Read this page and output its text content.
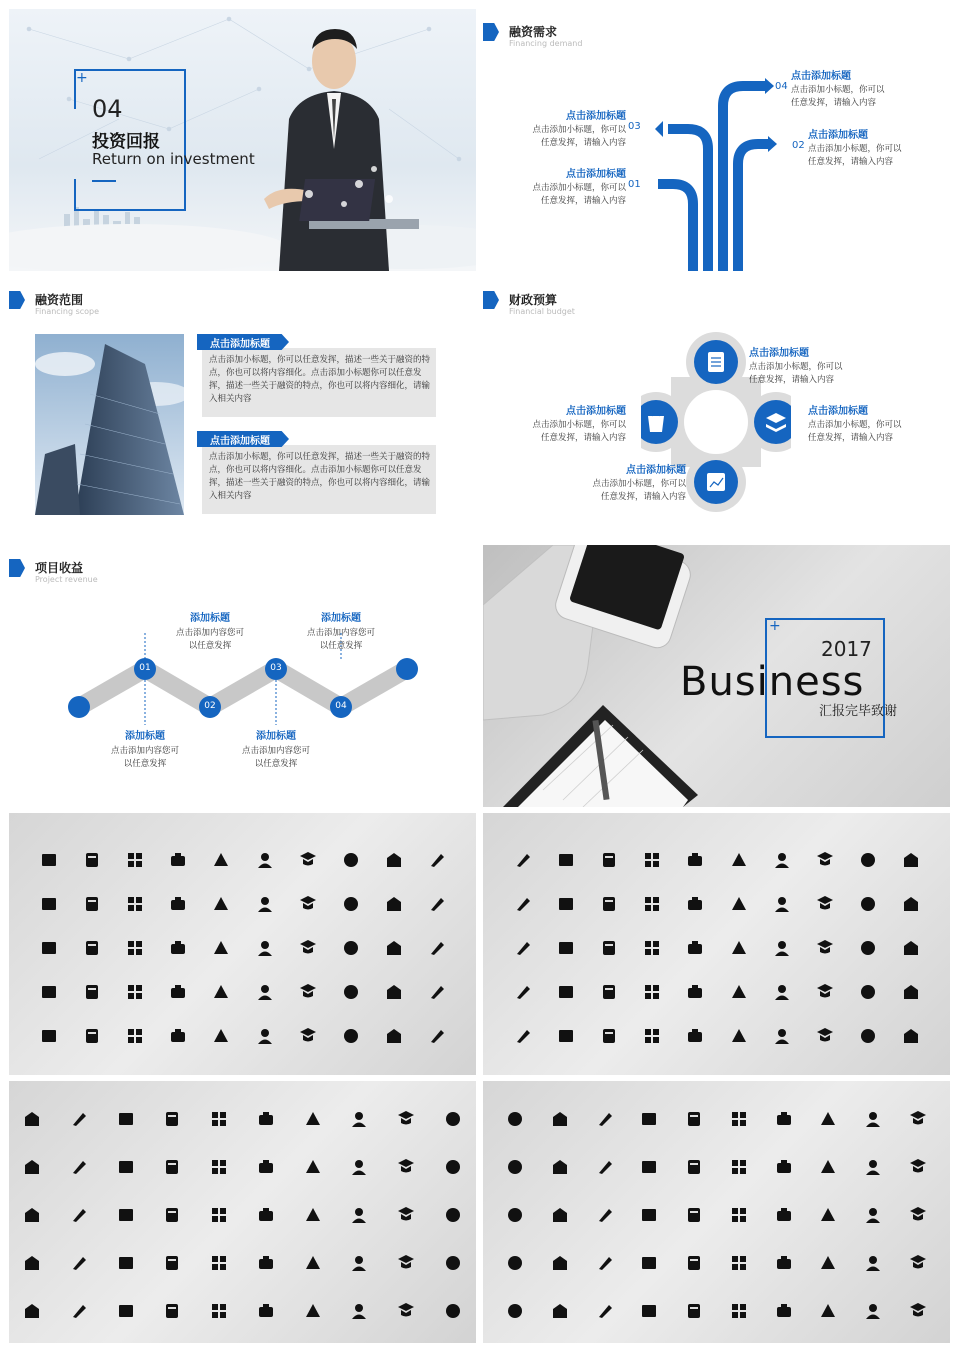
+
04
投资回报
Return on investment
融资需求
Financing demand
点击添加标题
点击添加小标题，你可以
任意发挥，请输入内容
04
点击添加标题
点击添加小标题，你可以
任意发挥，请输入内容
02
点击添加标题
点击添加小标题，你可以
任意发挥，请输入内容
03
点击添加标题
点击添加小标题，你可以
任意发挥，请输入内容
01
融资范围
Financing scope
点击添加标题
点击添加小标题，你可以任意发挥，描述一些关于融资的特点，你也可以将内容细化。点击添加小标题你可以任意发挥，描述一些关于融资的特点，你也可以将内容细化，请输入相关内容
点击添加标题
点击添加小标题，你可以任意发挥，描述一些关于融资的特点，你也可以将内容细化。点击添加小标题你可以任意发挥，描述一些关于融资的特点，你也可以将内容细化，请输入相关内容
财政预算
Financial budget
点击添加标题
点击添加小标题，你可以
任意发挥，请输入内容
点击添加标题
点击添加小标题，你可以
任意发挥，请输入内容
点击添加标题
点击添加小标题，你可以
任意发挥，请输入内容
点击添加标题
点击添加小标题，你可以
任意发挥，请输入内容
项目收益
Project revenue
01
02
03
04
添加标题
点击添加内容您可
以任意发挥
添加标题
点击添加内容您可
以任意发挥
添加标题
点击添加内容您可
以任意发挥
添加标题
点击添加内容您可
以任意发挥
+
2017
Business
汇报完毕致谢
